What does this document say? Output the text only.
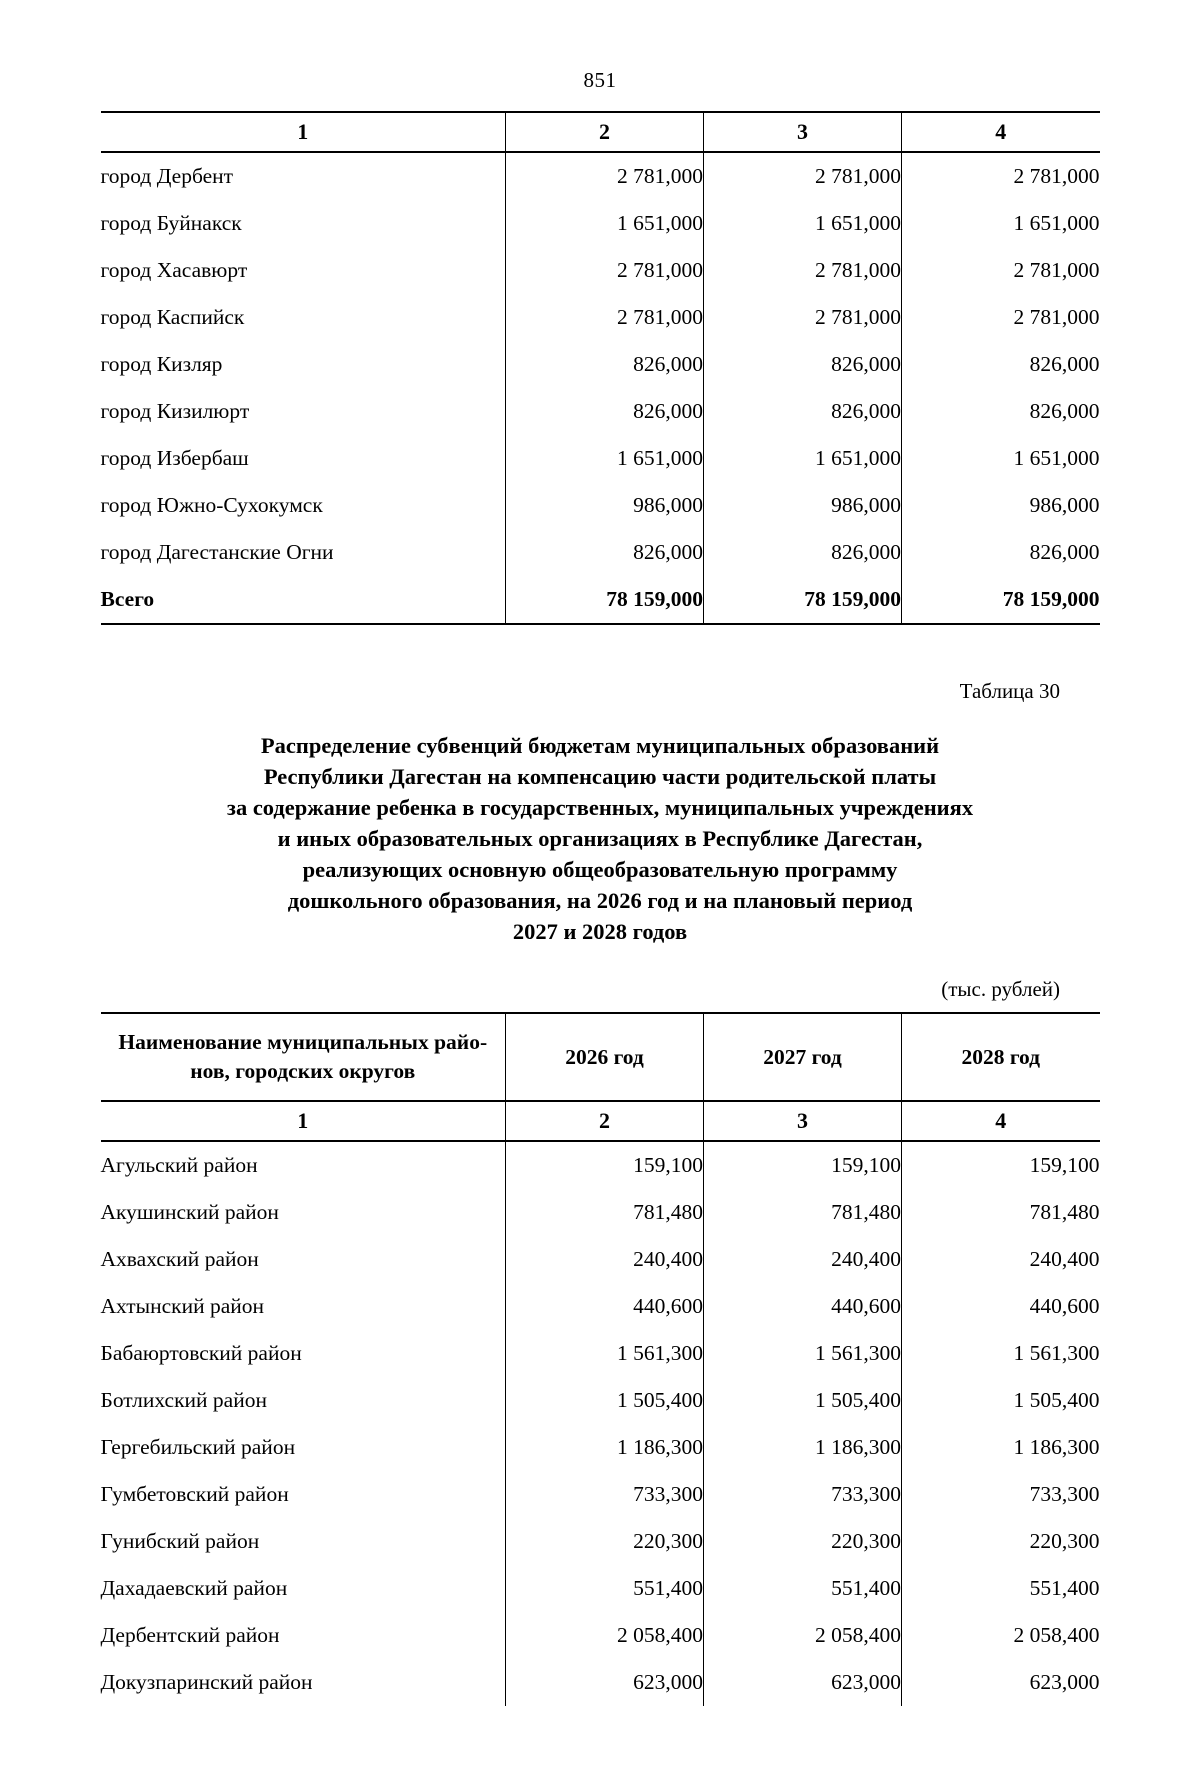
851
1	2	3	4
город Дербент	2 781,000	2 781,000	2 781,000
город Буйнакск	1 651,000	1 651,000	1 651,000
город Хасавюрт	2 781,000	2 781,000	2 781,000
город Каспийск	2 781,000	2 781,000	2 781,000
город Кизляр	826,000	826,000	826,000
город Кизилюрт	826,000	826,000	826,000
город Избербаш	1 651,000	1 651,000	1 651,000
город Южно-Сухокумск	986,000	986,000	986,000
город Дагестанские Огни	826,000	826,000	826,000
Всего	78 159,000	78 159,000	78 159,000
Таблица 30
Распределение субвенций бюджетам муниципальных образований
Республики Дагестан на компенсацию части родительской платы
за содержание ребенка в государственных, муниципальных учреждениях
и иных образовательных организациях в Республике Дагестан,
реализующих основную общеобразовательную программу
дошкольного образования, на 2026 год и на плановый период
2027 и 2028 годов
(тыс. рублей)
Наименование муниципальных райо-
нов, городских округов	2026 год	2027 год	2028 год
1	2	3	4
Агульский район	159,100	159,100	159,100
Акушинский район	781,480	781,480	781,480
Ахвахский район	240,400	240,400	240,400
Ахтынский район	440,600	440,600	440,600
Бабаюртовский район	1 561,300	1 561,300	1 561,300
Ботлихский район	1 505,400	1 505,400	1 505,400
Гергебильский район	1 186,300	1 186,300	1 186,300
Гумбетовский район	733,300	733,300	733,300
Гунибский район	220,300	220,300	220,300
Дахадаевский район	551,400	551,400	551,400
Дербентский район	2 058,400	2 058,400	2 058,400
Докузпаринский район	623,000	623,000	623,000
